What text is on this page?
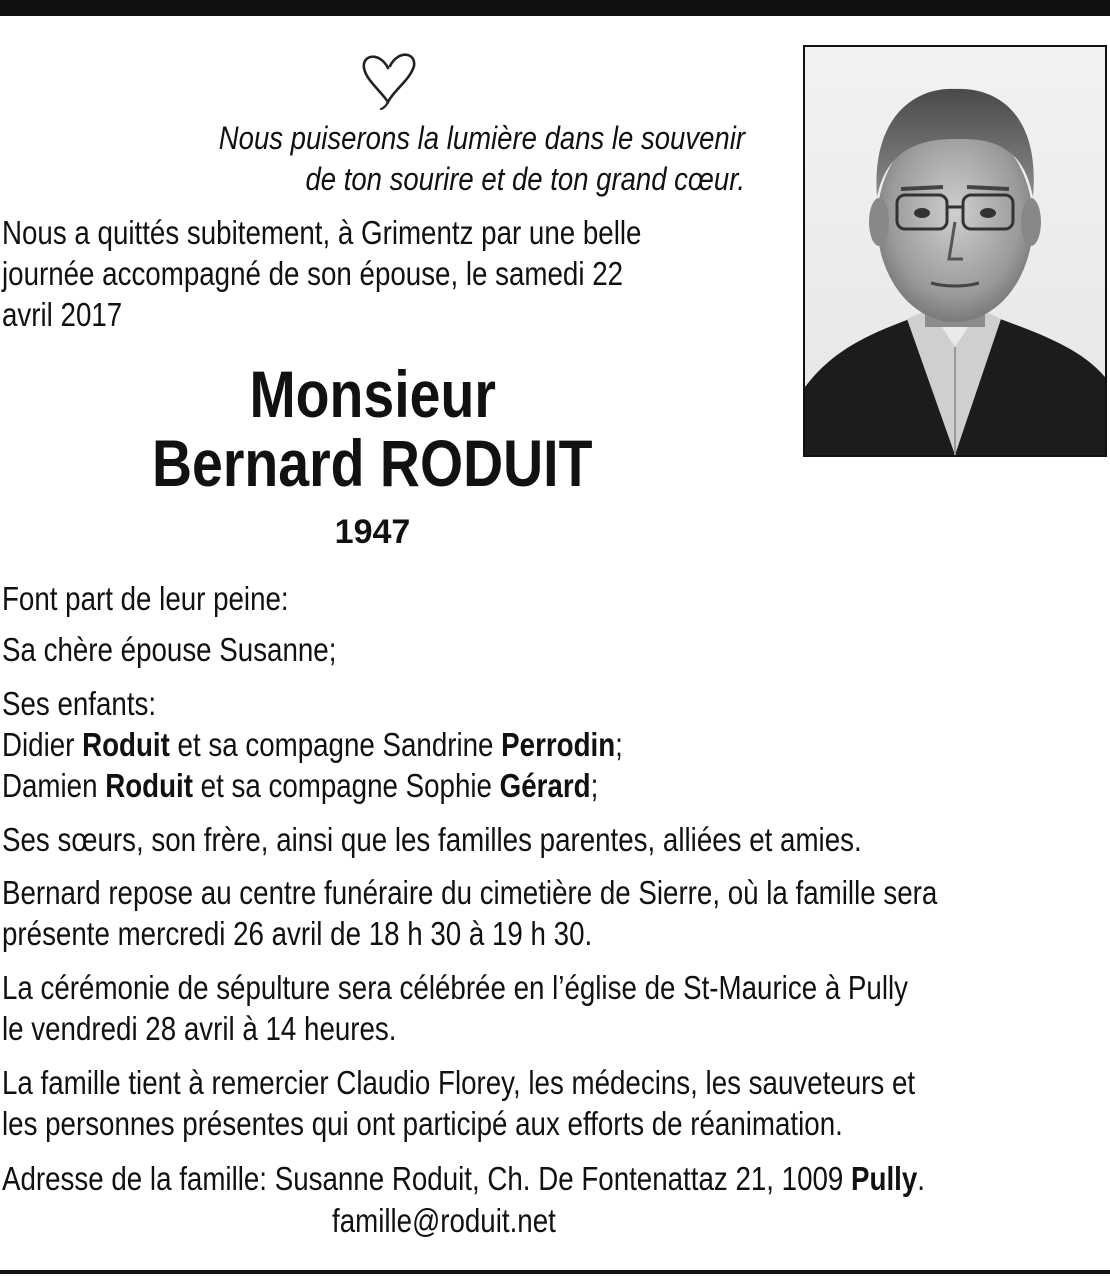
Nous puiserons la lumière dans le souvenir
de ton sourire et de ton grand cœur.
Nous a quittés subitement, à Grimentz par une belle
journée accompagné de son épouse, le samedi 22
avril 2017
Monsieur
Bernard RODUIT
1947
Font part de leur peine:
Sa chère épouse Susanne;
Ses enfants:
Didier Roduit et sa compagne Sandrine Perrodin;
Damien Roduit et sa compagne Sophie Gérard;
Ses sœurs, son frère, ainsi que les familles parentes, alliées et amies.
Bernard repose au centre funéraire du cimetière de Sierre, où la famille sera
présente mercredi 26 avril de 18 h 30 à 19 h 30.
La cérémonie de sépulture sera célébrée en l’église de St-Maurice à Pully
le vendredi 28 avril à 14 heures.
La famille tient à remercier Claudio Florey, les médecins, les sauveteurs et
les personnes présentes qui ont participé aux efforts de réanimation.
Adresse de la famille: Susanne Roduit, Ch. De Fontenattaz 21, 1009 Pully.
famille@roduit.net
